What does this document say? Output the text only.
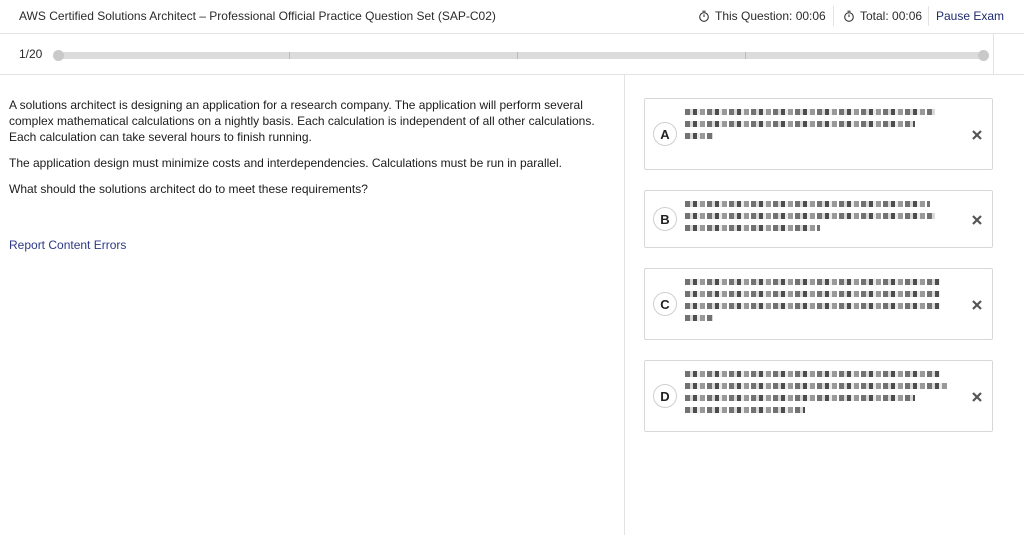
AWS Certified Solutions Architect – Professional Official Practice Question Set (SAP-C02)	This Question: 00:06	Total: 00:06 Pause Exam
1/20

A solutions architect is designing an application for a research company. The application will perform several complex mathematical calculations on a nightly basis. Each calculation is independent of all other calculations. Each calculation can take several hours to finish running.

The application design must minimize costs and interdependencies. Calculations must be run in parallel.

What should the solutions architect do to meet these requirements?

Report Content Errors
A
B
C
D
